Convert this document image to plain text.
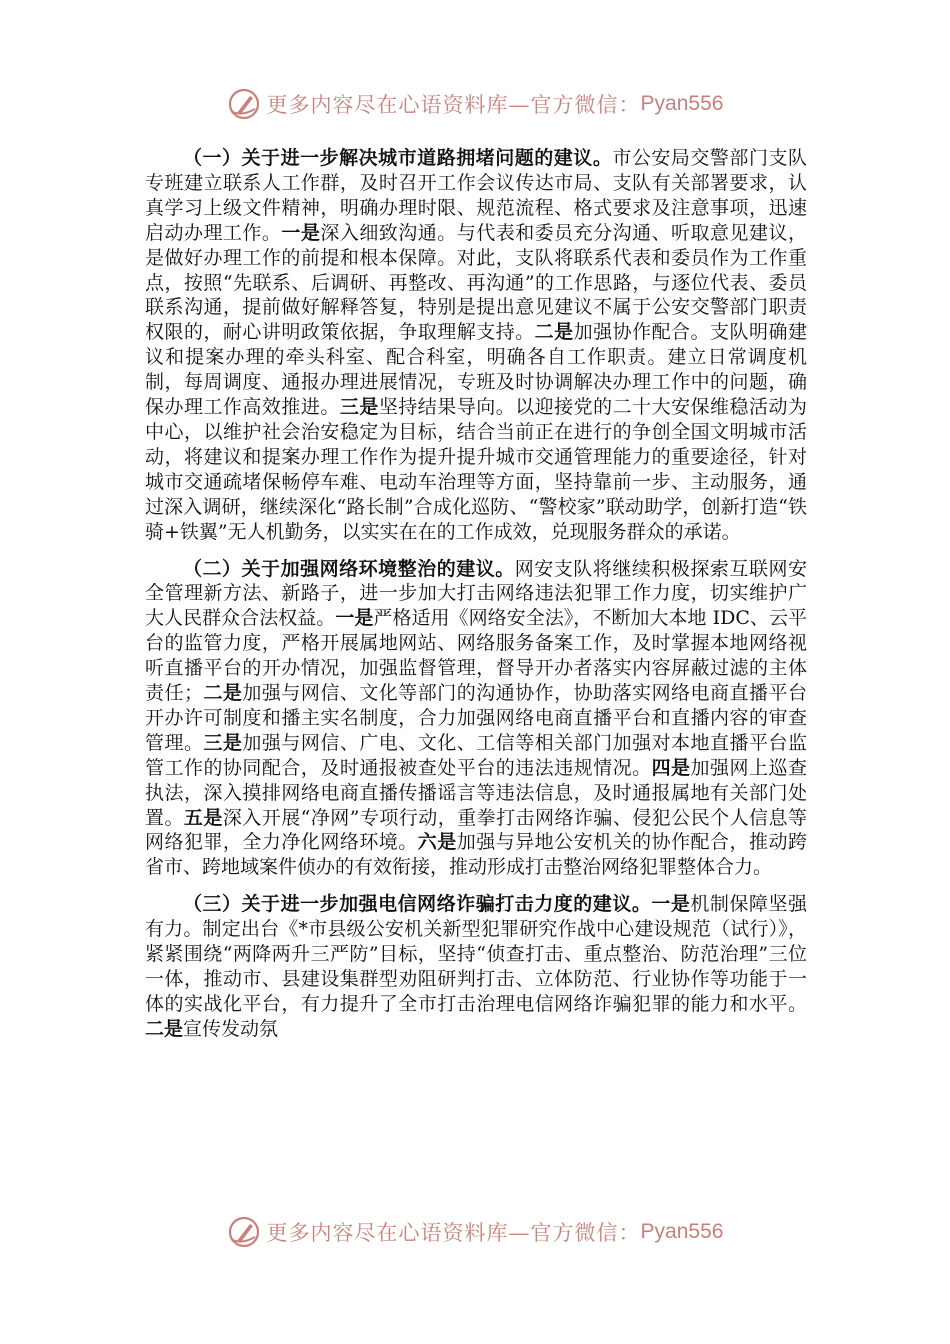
更多内容尽在心语资料库—官方微信： Pyan556

（一）关于进一步解决城市道路拥堵问题的建议。市公安局交警部门支队专班建立联系人工作群，及时召开工作会议传达市局、支队有关部署要求，认真学习上级文件精神，明确办理时限、规范流程、格式要求及注意事项，迅速启动办理工作。一是深入细致沟通。与代表和委员充分沟通、听取意见建议，是做好办理工作的前提和根本保障。对此，支队将联系代表和委员作为工作重点，按照“先联系、后调研、再整改、再沟通”的工作思路，与逐位代表、委员联系沟通，提前做好解释答复，特别是提出意见建议不属于公安交警部门职责权限的，耐心讲明政策依据，争取理解支持。二是加强协作配合。支队明确建议和提案办理的牵头科室、配合科室，明确各自工作职责。建立日常调度机制，每周调度、通报办理进展情况，专班及时协调解决办理工作中的问题，确保办理工作高效推进。三是坚持结果导向。以迎接党的二十大安保维稳活动为中心，以维护社会治安稳定为目标，结合当前正在进行的争创全国文明城市活动，将建议和提案办理工作作为提升提升城市交通管理能力的重要途径，针对城市交通疏堵保畅停车难、电动车治理等方面，坚持靠前一步、主动服务，通过深入调研，继续深化“路长制”合成化巡防、“警校家”联动助学，创新打造“铁骑+铁翼”无人机勤务，以实实在在的工作成效，兑现服务群众的承诺。

（二）关于加强网络环境整治的建议。网安支队将继续积极探索互联网安全管理新方法、新路子，进一步加大打击网络违法犯罪工作力度，切实维护广大人民群众合法权益。一是严格适用《网络安全法》，不断加大本地 IDC、云平台的监管力度，严格开展属地网站、网络服务备案工作，及时掌握本地网络视听直播平台的开办情况，加强监督管理，督导开办者落实内容屏蔽过滤的主体责任；二是加强与网信、文化等部门的沟通协作，协助落实网络电商直播平台开办许可制度和播主实名制度，合力加强网络电商直播平台和直播内容的审查管理。三是加强与网信、广电、文化、工信等相关部门加强对本地直播平台监管工作的协同配合，及时通报被查处平台的违法违规情况。四是加强网上巡查执法，深入摸排网络电商直播传播谣言等违法信息，及时通报属地有关部门处置。五是深入开展“净网”专项行动，重拳打击网络诈骗、侵犯公民个人信息等网络犯罪，全力净化网络环境。六是加强与异地公安机关的协作配合，推动跨省市、跨地域案件侦办的有效衔接，推动形成打击整治网络犯罪整体合力。

（三）关于进一步加强电信网络诈骗打击力度的建议。一是机制保障坚强有力。制定出台《*市县级公安机关新型犯罪研究作战中心建设规范（试行）》，紧紧围绕“两降两升三严防”目标，坚持“侦查打击、重点整治、防范治理”三位一体，推动市、县建设集群型劝阻研判打击、立体防范、行业协作等功能于一体的实战化平台，有力提升了全市打击治理电信网络诈骗犯罪的能力和水平。二是宣传发动氛

更多内容尽在心语资料库—官方微信： Pyan556
